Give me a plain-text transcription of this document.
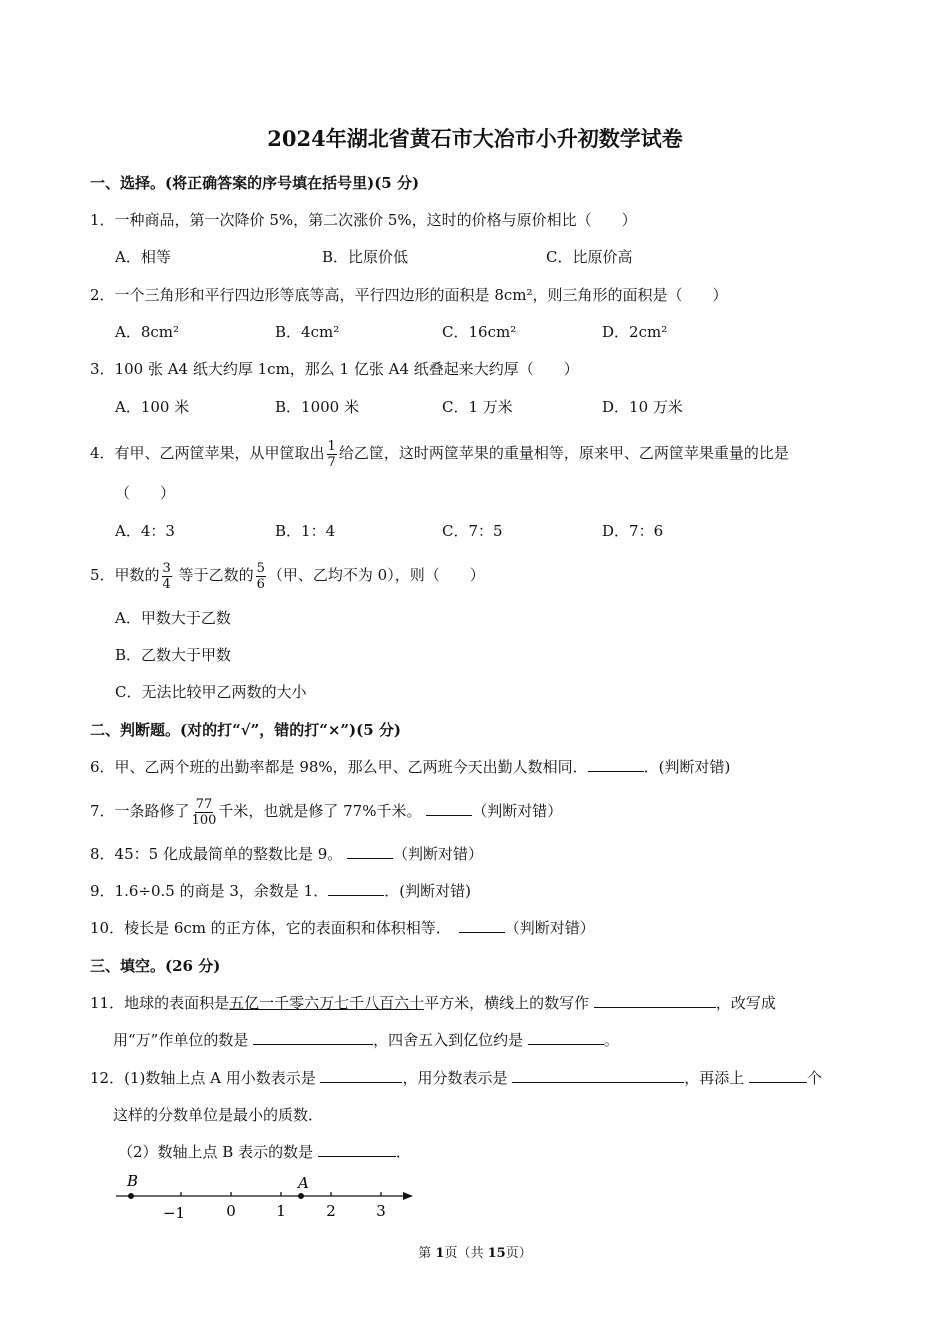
2024年湖北省黄石市大冶市小升初数学试卷
一、选择。(将正确答案的序号填在括号里)(5 分)
1．一种商品，第一次降价 5%，第二次涨价 5%，这时的价格与原价相比（　　）
A．相等	B．比原价低	C．比原价高
2．一个三角形和平行四边形等底等高，平行四边形的面积是 8cm²，则三角形的面积是（　　）
A．8cm²	B．4cm²	C．16cm²	D．2cm²
3．100 张 A4 纸大约厚 1cm，那么 1 亿张 A4 纸叠起来大约厚（　　）
A．100 米	B．1000 米	C．1 万米	D．10 万米
4．有甲、乙两筐苹果，从甲筐取出 $\frac{1}{7}$ 给乙筐，这时两筐苹果的重量相等，原来甲、乙两筐苹果重量的比是
（　　）
A．4：3	B．1：4	C．7：5	D．7：6
5．甲数的 $\frac{3}{4}$ 等于乙数的 $\frac{5}{6}$ （甲、乙均不为 0），则（　　）
A．甲数大于乙数
B．乙数大于甲数
C．无法比较甲乙两数的大小
二、判断题。(对的打“√”，错的打“×”)(5 分)
6．甲、乙两个班的出勤率都是 98%，那么甲、乙两班今天出勤人数相同．	．(判断对错)
7．一条路修了 $\frac{77}{100}$ 千米，也就是修了 77%千米。	（判断对错）
8．45：5 化成最简单的整数比是 9。	（判断对错）
9．1.6÷0.5 的商是 3，余数是 1．	．(判断对错)
10．棱长是 6cm 的正方体，它的表面积和体积相等．	（判断对错）
三、填空。(26 分)
11．地球的表面积是五亿一千零六万七千八百六十平方米，横线上的数写作	，改写成
用“万”作单位的数是	，四舍五入到亿位约是	。
12．(1)数轴上点 A 用小数表示是	，用分数表示是	，再添上	个
这样的分数单位是最小的质数．
（2）数轴上点 B 表示的数是	．
B	A
−1	0	1	2	3
第 1页（共 15页）
